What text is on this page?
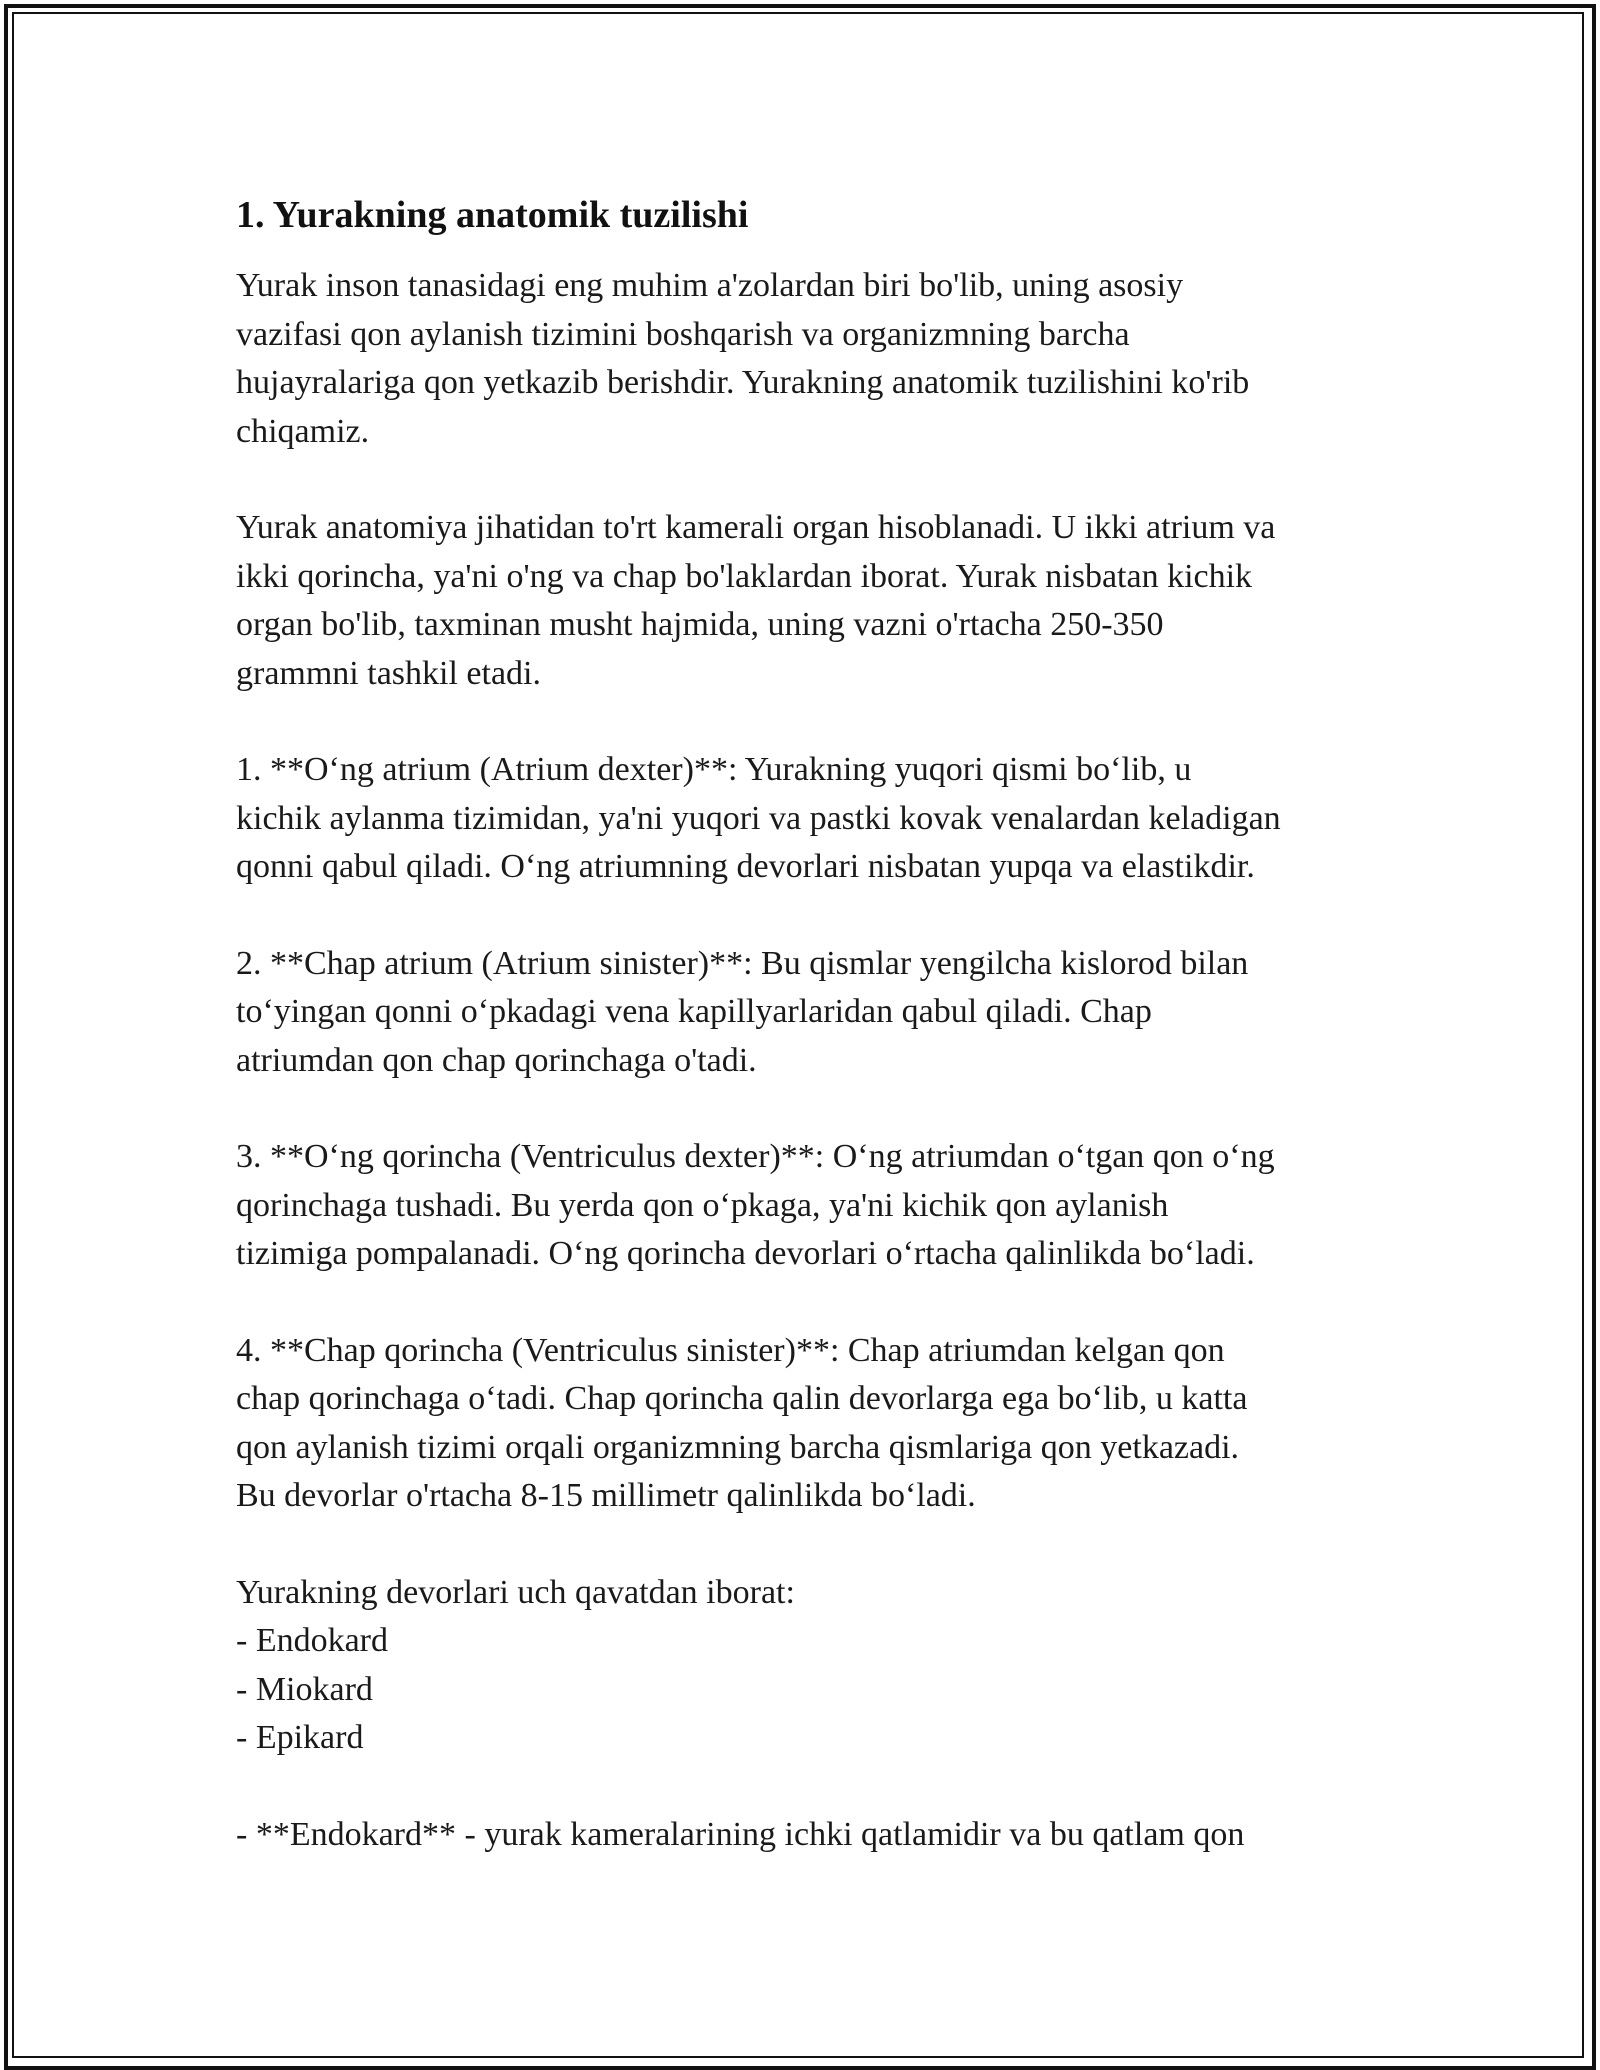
1. Yurakning anatomik tuzilishi

Yurak inson tanasidagi eng muhim a'zolardan biri bo'lib, uning asosiy
vazifasi qon aylanish tizimini boshqarish va organizmning barcha
hujayralariga qon yetkazib berishdir. Yurakning anatomik tuzilishini ko'rib
chiqamiz.

Yurak anatomiya jihatidan to'rt kamerali organ hisoblanadi. U ikki atrium va
ikki qorincha, ya'ni o'ng va chap bo'laklardan iborat. Yurak nisbatan kichik
organ bo'lib, taxminan musht hajmida, uning vazni o'rtacha 250-350
grammni tashkil etadi.

1. **O‘ng atrium (Atrium dexter)**: Yurakning yuqori qismi bo‘lib, u
kichik aylanma tizimidan, ya'ni yuqori va pastki kovak venalardan keladigan
qonni qabul qiladi. O‘ng atriumning devorlari nisbatan yupqa va elastikdir.

2. **Chap atrium (Atrium sinister)**: Bu qismlar yengilcha kislorod bilan
to‘yingan qonni o‘pkadagi vena kapillyarlaridan qabul qiladi. Chap
atriumdan qon chap qorinchaga o'tadi.

3. **O‘ng qorincha (Ventriculus dexter)**: O‘ng atriumdan o‘tgan qon o‘ng
qorinchaga tushadi. Bu yerda qon o‘pkaga, ya'ni kichik qon aylanish
tizimiga pompalanadi. O‘ng qorincha devorlari o‘rtacha qalinlikda bo‘ladi.

4. **Chap qorincha (Ventriculus sinister)**: Chap atriumdan kelgan qon
chap qorinchaga o‘tadi. Chap qorincha qalin devorlarga ega bo‘lib, u katta
qon aylanish tizimi orqali organizmning barcha qismlariga qon yetkazadi.
Bu devorlar o'rtacha 8-15 millimetr qalinlikda bo‘ladi.

Yurakning devorlari uch qavatdan iborat:

- Endokard
- Miokard
- Epikard

- **Endokard** - yurak kameralarining ichki qatlamidir va bu qatlam qon
